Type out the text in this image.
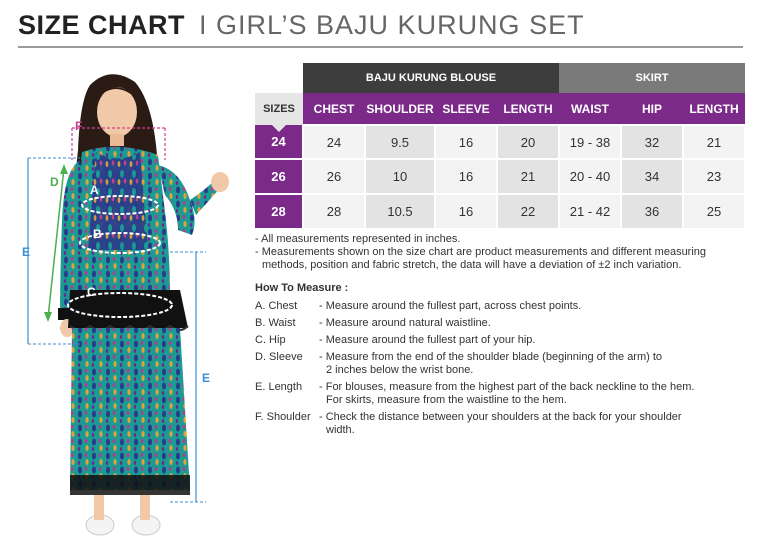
SIZE CHART I GIRL’S BAJU KURUNG SET
F
A
B
C
D
E
E
	BAJU KURUNG BLOUSE				SKIRT		
SIZES	CHEST	SHOULDER	SLEEVE	LENGTH	WAIST	HIP	LENGTH
24	24	9.5	16	20	19 - 38	32	21
26	26	10	16	21	20 - 40	34	23
28	28	10.5	16	22	21 - 42	36	25

- All measurements represented in inches.

- Measurements shown on the size chart are product measurements and different measuring

methods, position and fabric stretch, the data will have a deviation of ±2 inch variation.

How To Measure :
A. Chest	- Measure around the fullest part, across chest points.
B. Waist	- Measure around natural waistline.
C. Hip	- Measure around the fullest part of your hip.
D. Sleeve	- Measure from the end of the shoulder blade (beginning of the arm) to
2 inches below the wrist bone.
E. Length	- For blouses, measure from the highest part of the back neckline to the hem.
For skirts, measure from the waistline to the hem.
F. Shoulder - Check the distance between your shoulders at the back for your shoulder
width.
